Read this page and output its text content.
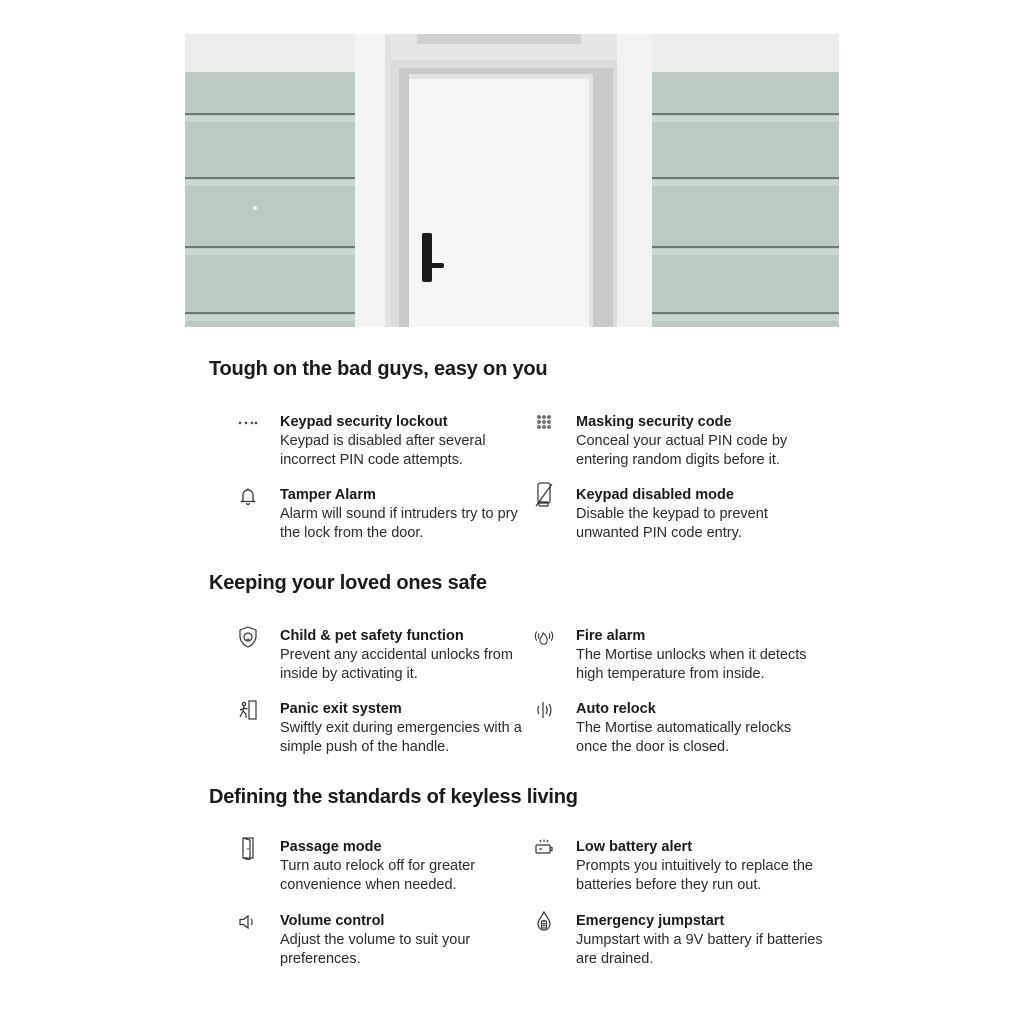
Tough on the bad guys, easy on you
Keypad security lockout
Keypad is disabled after several incorrect PIN code attempts.
Masking security code
Conceal your actual PIN code by entering random digits before it.
Tamper Alarm
Alarm will sound if intruders try to pry the lock from the door.
Keypad disabled mode
Disable the keypad to prevent unwanted PIN code entry.
Keeping your loved ones safe
Child & pet safety function
Prevent any accidental unlocks from inside by activating it.
Fire alarm
The Mortise unlocks when it detects high temperature from inside.
Panic exit system
Swiftly exit during emergencies with a simple push of the handle.
Auto relock
The Mortise automatically relocks once the door is closed.
Defining the standards of keyless living
Passage mode
Turn auto relock off for greater convenience when needed.
Low battery alert
Prompts you intuitively to replace the batteries before they run out.
Volume control
Adjust the volume to suit your preferences.
Emergency jumpstart
Jumpstart with a 9V battery if batteries are drained.
